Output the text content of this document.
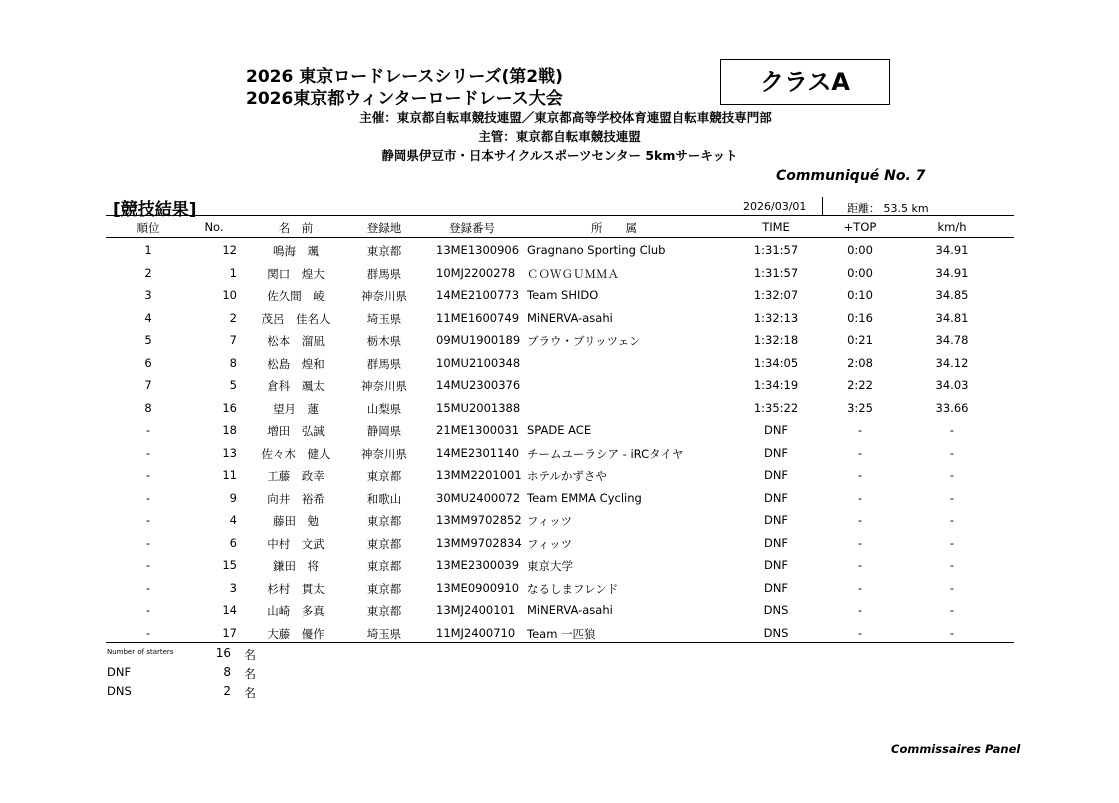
2026 東京ロードレースシリーズ(第2戦)
2026東京都ウィンターロードレース大会
クラスA
主催：東京都自転車競技連盟／東京都高等学校体育連盟自転車競技専門部
主管：東京都自転車競技連盟
静岡県伊豆市・日本サイクルスポーツセンター 5kmサーキット
Communiqué No. 7
[競技結果]	2026/03/01	距離： 53.5 km
順位	No.	名　前	登録地	登録番号	所　　属	TIME	+TOP	km/h
1	12	鳴海　颯	東京都	13ME1300906 Gragnano Sporting Club	1:31:57	0:00	34.91
2	1	関口　煌大	群馬県	10MJ2200278 ＣＯＷＧＵＭＭＡ	1:31:57	0:00	34.91
3	10	佐久間　崚	神奈川県	14ME2100773 Team SHIDO	1:32:07	0:10	34.85
4	2 茂呂　佳名人	埼玉県	11ME1600749 MiNERVA-asahi	1:32:13	0:16	34.81
5	7	松本　溜凪	栃木県	09MU1900189 ブラウ・ブリッツェン	1:32:18	0:21	34.78
6	8	松島　煌和	群馬県	10MU2100348	1:34:05	2:08	34.12
7	5	倉科　颯太	神奈川県	14MU2300376	1:34:19	2:22	34.03
8	16	望月　蓮	山梨県	15MU2001388	1:35:22	3:25	33.66
-	18	増田　弘誠	静岡県	21ME1300031 SPADE ACE	DNF	-	-
-	13 佐々木　健人	神奈川県	14ME2301140 チームユーラシア - iRCタイヤ	DNF	-	-
-	11	工藤　政幸	東京都	13MM2201001 ホテルかずさや	DNF	-	-
-	9	向井　裕希	和歌山	30MU2400072 Team EMMA Cycling	DNF	-	-
-	4	藤田　勉	東京都	13MM9702852 フィッツ	DNF	-	-
-	6	中村　文武	東京都	13MM9702834 フィッツ	DNF	-	-
-	15	鎌田　将	東京都	13ME2300039 東京大学	DNF	-	-
-	3	杉村　貫太	東京都	13ME0900910 なるしまフレンド	DNF	-	-
-	14	山崎　多真	東京都	13MJ2400101 MiNERVA-asahi	DNS	-	-
-	17	大藤　優作	埼玉県	11MJ2400710 Team 一匹狼	DNS	-	-
Number of starters	16 名
DNF	8 名
DNS	2 名
Commissaires Panel
